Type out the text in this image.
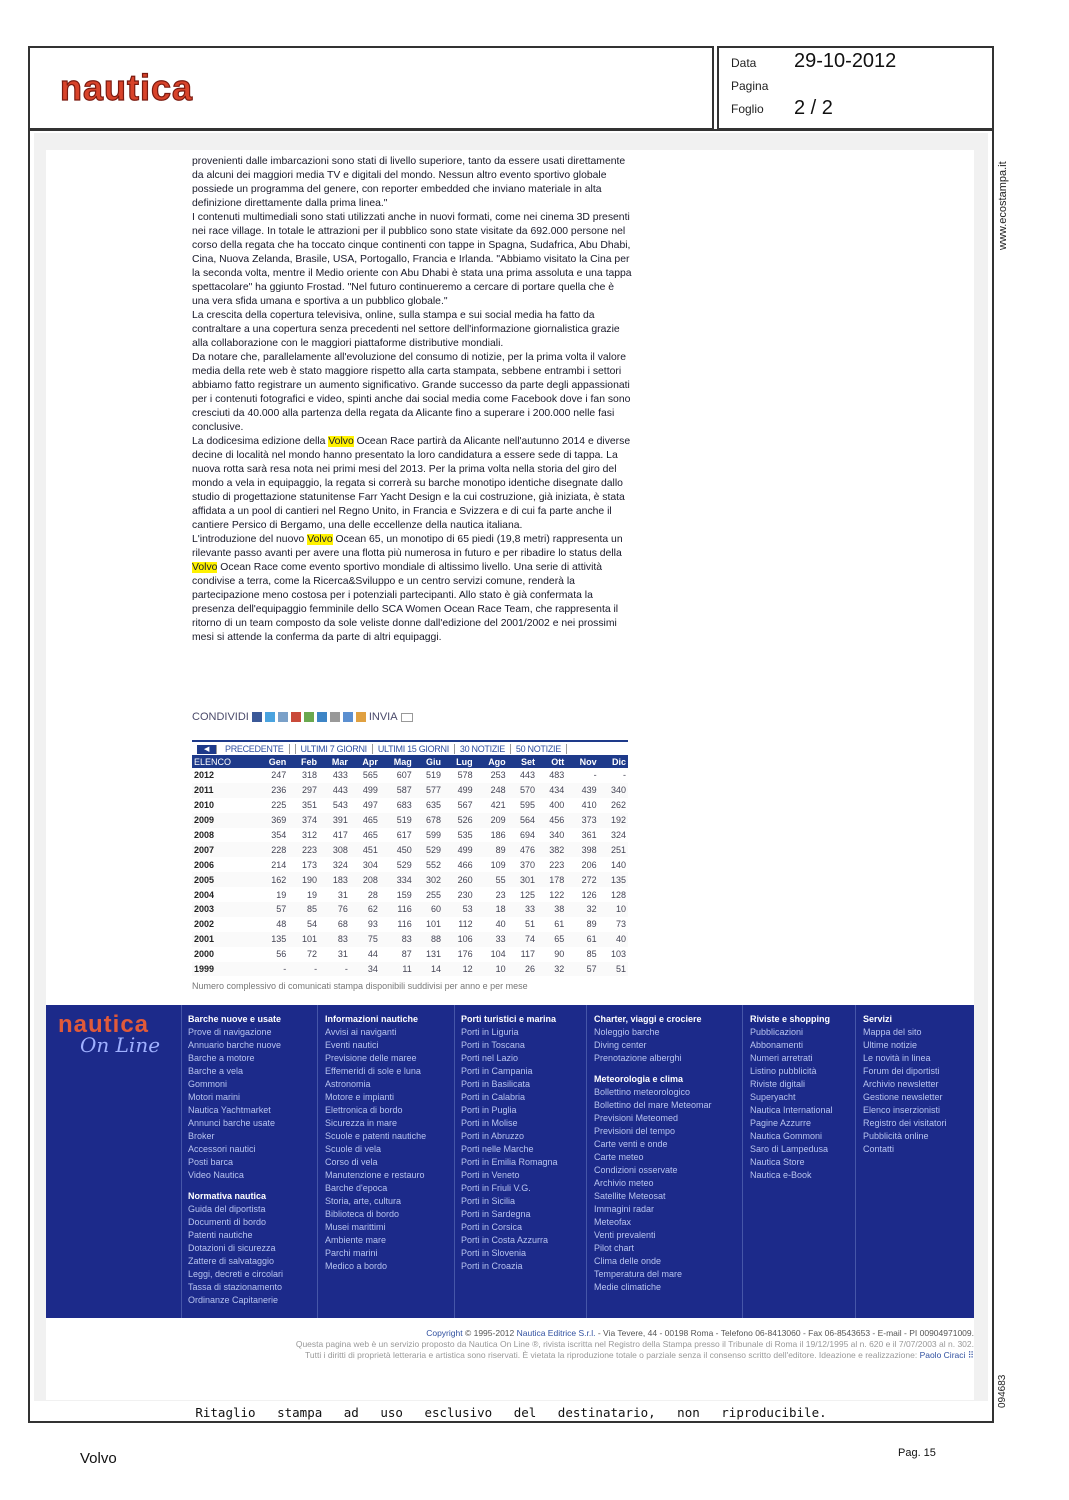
nautica
Data 29-10-2012
Pagina
Foglio 2 / 2
www.ecostampa.it
094683

provenienti dalle imbarcazioni sono stati di livello superiore, tanto da essere usati direttamente da alcuni dei maggiori media TV e digitali del mondo. Nessun altro evento sportivo globale possiede un programma del genere, con reporter embedded che inviano materiale in alta definizione direttamente dalla prima linea."

I contenuti multimediali sono stati utilizzati anche in nuovi formati, come nei cinema 3D presenti nei race village. In totale le attrazioni per il pubblico sono state visitate da 692.000 persone nel corso della regata che ha toccato cinque continenti con tappe in Spagna, Sudafrica, Abu Dhabi, Cina, Nuova Zelanda, Brasile, USA, Portogallo, Francia e Irlanda. "Abbiamo visitato la Cina per la seconda volta, mentre il Medio oriente con Abu Dhabi è stata una prima assoluta e una tappa spettacolare" ha ggiunto Frostad. "Nel futuro continueremo a cercare di portare quella che è una vera sfida umana e sportiva a un pubblico globale."

La crescita della copertura televisiva, online, sulla stampa e sui social media ha fatto da contraltare a una copertura senza precedenti nel settore dell'informazione giornalistica grazie alla collaborazione con le maggiori piattaforme distributive mondiali.

Da notare che, parallelamente all'evoluzione del consumo di notizie, per la prima volta il valore media della rete web è stato maggiore rispetto alla carta stampata, sebbene entrambi i settori abbiamo fatto registrare un aumento significativo. Grande successo da parte degli appassionati per i contenuti fotografici e video, spinti anche dai social media come Facebook dove i fan sono cresciuti da 40.000 alla partenza della regata da Alicante fino a superare i 200.000 nelle fasi conclusive.

La dodicesima edizione della Volvo Ocean Race partirà da Alicante nell'autunno 2014 e diverse decine di località nel mondo hanno presentato la loro candidatura a essere sede di tappa. La nuova rotta sarà resa nota nei primi mesi del 2013. Per la prima volta nella storia del giro del mondo a vela in equipaggio, la regata si correrà su barche monotipo identiche disegnate dallo studio di progettazione statunitense Farr Yacht Design e la cui costruzione, già iniziata, è stata affidata a un pool di cantieri nel Regno Unito, in Francia e Svizzera e di cui fa parte anche il cantiere Persico di Bergamo, una delle eccellenze della nautica italiana.

L'introduzione del nuovo Volvo Ocean 65, un monotipo di 65 piedi (19,8 metri) rappresenta un rilevante passo avanti per avere una flotta più numerosa in futuro e per ribadire lo status della Volvo Ocean Race come evento sportivo mondiale di altissimo livello. Una serie di attività condivise a terra, come la Ricerca&Sviluppo e un centro servizi comune, renderà la partecipazione meno costosa per i potenziali partecipanti. Allo stato è già confermata la presenza dell'equipaggio femminile dello SCA Women Ocean Race Team, che rappresenta il ritorno di un team composto da sole veliste donne dall'edizione del 2001/2002 e nei prossimi mesi si attende la conferma da parte di altri equipaggi.

CONDIVIDI	INVIA
◀	PRECEDENTE	ULTIMI 7 GIORNI	ULTIMI 15 GIORNI	30 NOTIZIE	50 NOTIZIE
ELENCO	Gen	Feb	Mar	Apr	Mag	Giu	Lug	Ago	Set	Ott	Nov	Dic
2012	247	318	433	565	607	519	578	253	443	483	-	-
2011	236	297	443	499	587	577	499	248	570	434	439	340
2010	225	351	543	497	683	635	567	421	595	400	410	262
2009	369	374	391	465	519	678	526	209	564	456	373	192
2008	354	312	417	465	617	599	535	186	694	340	361	324
2007	228	223	308	451	450	529	499	89	476	382	398	251
2006	214	173	324	304	529	552	466	109	370	223	206	140
2005	162	190	183	208	334	302	260	55	301	178	272	135
2004	19	19	31	28	159	255	230	23	125	122	126	128
2003	57	85	76	62	116	60	53	18	33	38	32	10
2002	48	54	68	93	116	101	112	40	51	61	89	73
2001	135	101	83	75	83	88	106	33	74	65	61	40
2000	56	72	31	44	87	131	176	104	117	90	85	103
1999	-	-	-	34	11	14	12	10	26	32	57	51
Numero complessivo di comunicati stampa disponibili suddivisi per anno e per mese
nautica
On Line
Barche nuove e usate
Prove di navigazione
Annuario barche nuove
Barche a motore
Barche a vela
Gommoni
Motori marini
Nautica Yachtmarket
Annunci barche usate
Broker
Accessori nautici
Posti barca
Video Nautica
Normativa nautica
Guida del diportista
Documenti di bordo
Patenti nautiche
Dotazioni di sicurezza
Zattere di salvataggio
Leggi, decreti e circolari
Tassa di stazionamento
Ordinanze Capitanerie
Informazioni nautiche
Avvisi ai naviganti
Eventi nautici
Previsione delle maree
Effemeridi di sole e luna
Astronomia
Motore e impianti
Elettronica di bordo
Sicurezza in mare
Scuole e patenti nautiche
Scuole di vela
Corso di vela
Manutenzione e restauro
Barche d'epoca
Storia, arte, cultura
Biblioteca di bordo
Musei marittimi
Ambiente mare
Parchi marini
Medico a bordo
Porti turistici e marina
Porti in Liguria
Porti in Toscana
Porti nel Lazio
Porti in Campania
Porti in Basilicata
Porti in Calabria
Porti in Puglia
Porti in Molise
Porti in Abruzzo
Porti nelle Marche
Porti in Emilia Romagna
Porti in Veneto
Porti in Friuli V.G.
Porti in Sicilia
Porti in Sardegna
Porti in Corsica
Porti in Costa Azzurra
Porti in Slovenia
Porti in Croazia
Charter, viaggi e crociere
Noleggio barche
Diving center
Prenotazione alberghi
Meteorologia e clima
Bollettino meteorologico
Bollettino del mare Meteomar
Previsioni Meteomed
Previsioni del tempo
Carte venti e onde
Carte meteo
Condizioni osservate
Archivio meteo
Satellite Meteosat
Immagini radar
Meteofax
Venti prevalenti
Pilot chart
Clima delle onde
Temperatura del mare
Medie climatiche
Riviste e shopping
Pubblicazioni
Abbonamenti
Numeri arretrati
Listino pubblicità
Riviste digitali
Superyacht
Nautica International
Pagine Azzurre
Nautica Gommoni
Saro di Lampedusa
Nautica Store
Nautica e-Book
Servizi
Mappa del sito
Ultime notizie
Le novità in linea
Forum dei diportisti
Archivio newsletter
Gestione newsletter
Elenco inserzionisti
Registro dei visitatori
Pubblicità online
Contatti
Copyright © 1995-2012 Nautica Editrice S.r.l. - Via Tevere, 44 - 00198 Roma - Telefono 06-8413060 - Fax 06-8543653 - E-mail - PI 00904971009.
Questa pagina web è un servizio proposto da Nautica On Line ®, rivista iscritta nel Registro della Stampa presso il Tribunale di Roma il 19/12/1995 al n. 620 e il 7/07/2003 al n. 302.
Tutti i diritti di proprietà letteraria e artistica sono riservati. È vietata la riproduzione totale o parziale senza il consenso scritto dell'editore. Ideazione e realizzazione: Paolo Ciraci ⠿
Ritaglio stampa ad uso esclusivo del destinatario, non riproducibile.
Volvo	Pag. 15
